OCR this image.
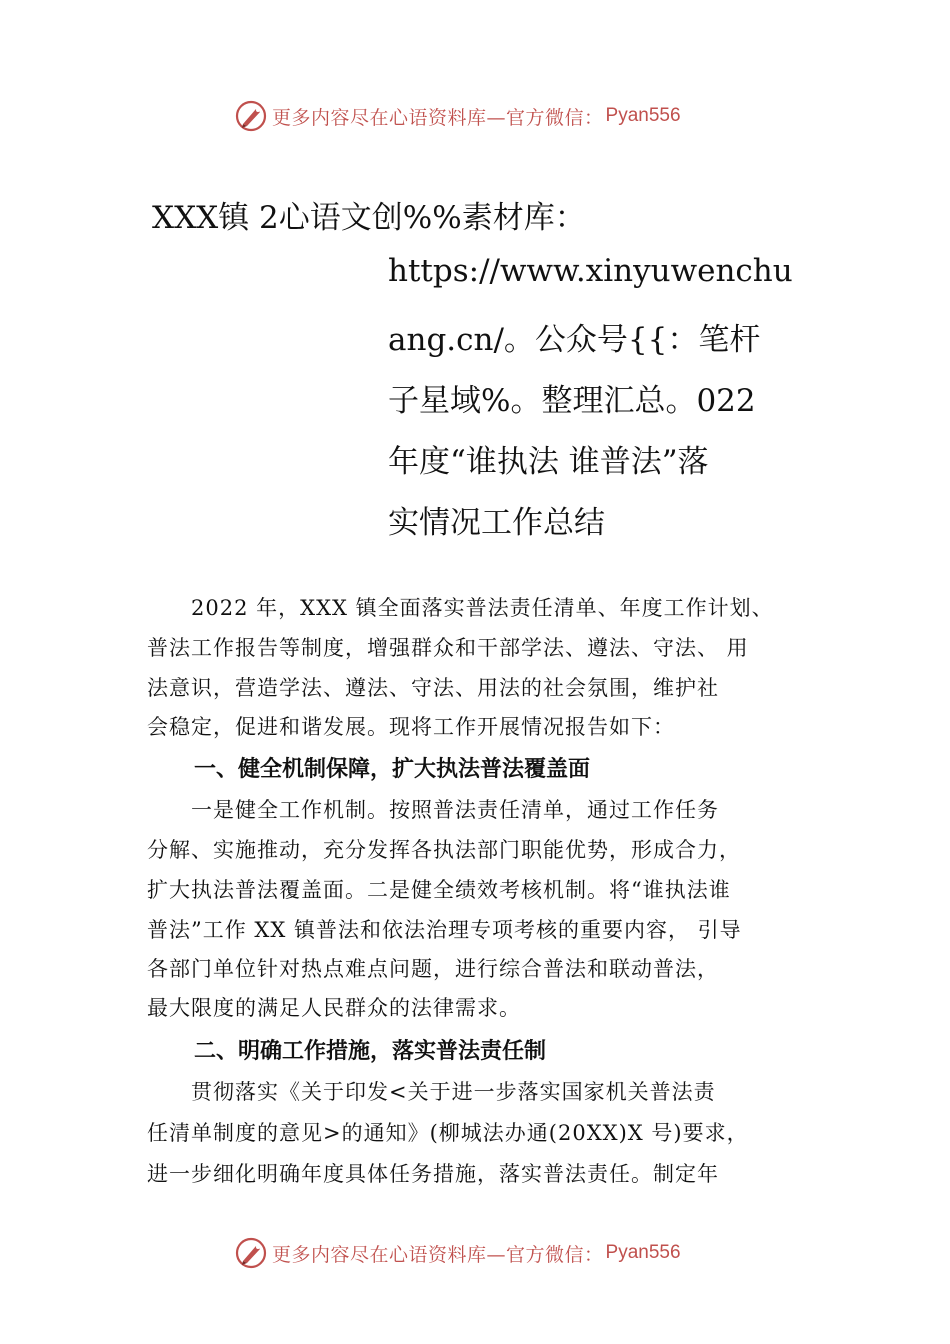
更多内容尽在心语资料库—官方微信： Pyan556
XXX镇 2心语文创%%素材库：
https://www.xinyuwenchu
ang.cn/。公众号{{：笔杆
子星域%。整理汇总。022
年度“谁执法 谁普法”落
实情况工作总结
　　2022 年，XXX 镇全面落实普法责任清单、年度工作计划、
普法工作报告等制度，增强群众和干部学法、遵法、守法、 用
法意识，营造学法、遵法、守法、用法的社会氛围，维护社
会稳定，促进和谐发展。现将工作开展情况报告如下：
一、健全机制保障，扩大执法普法覆盖面
　　一是健全工作机制。按照普法责任清单，通过工作任务
分解、实施推动，充分发挥各执法部门职能优势，形成合力，
扩大执法普法覆盖面。二是健全绩效考核机制。将“谁执法谁
普法”工作 XX 镇普法和依法治理专项考核的重要内容， 引导
各部门单位针对热点难点问题，进行综合普法和联动普法，
最大限度的满足人民群众的法律需求。
二、明确工作措施，落实普法责任制
　　贯彻落实《关于印发<关于进一步落实国家机关普法责
任清单制度的意见>的通知》(柳城法办通(20XX)X 号)要求，
进一步细化明确年度具体任务措施，落实普法责任。制定年
更多内容尽在心语资料库—官方微信： Pyan556
